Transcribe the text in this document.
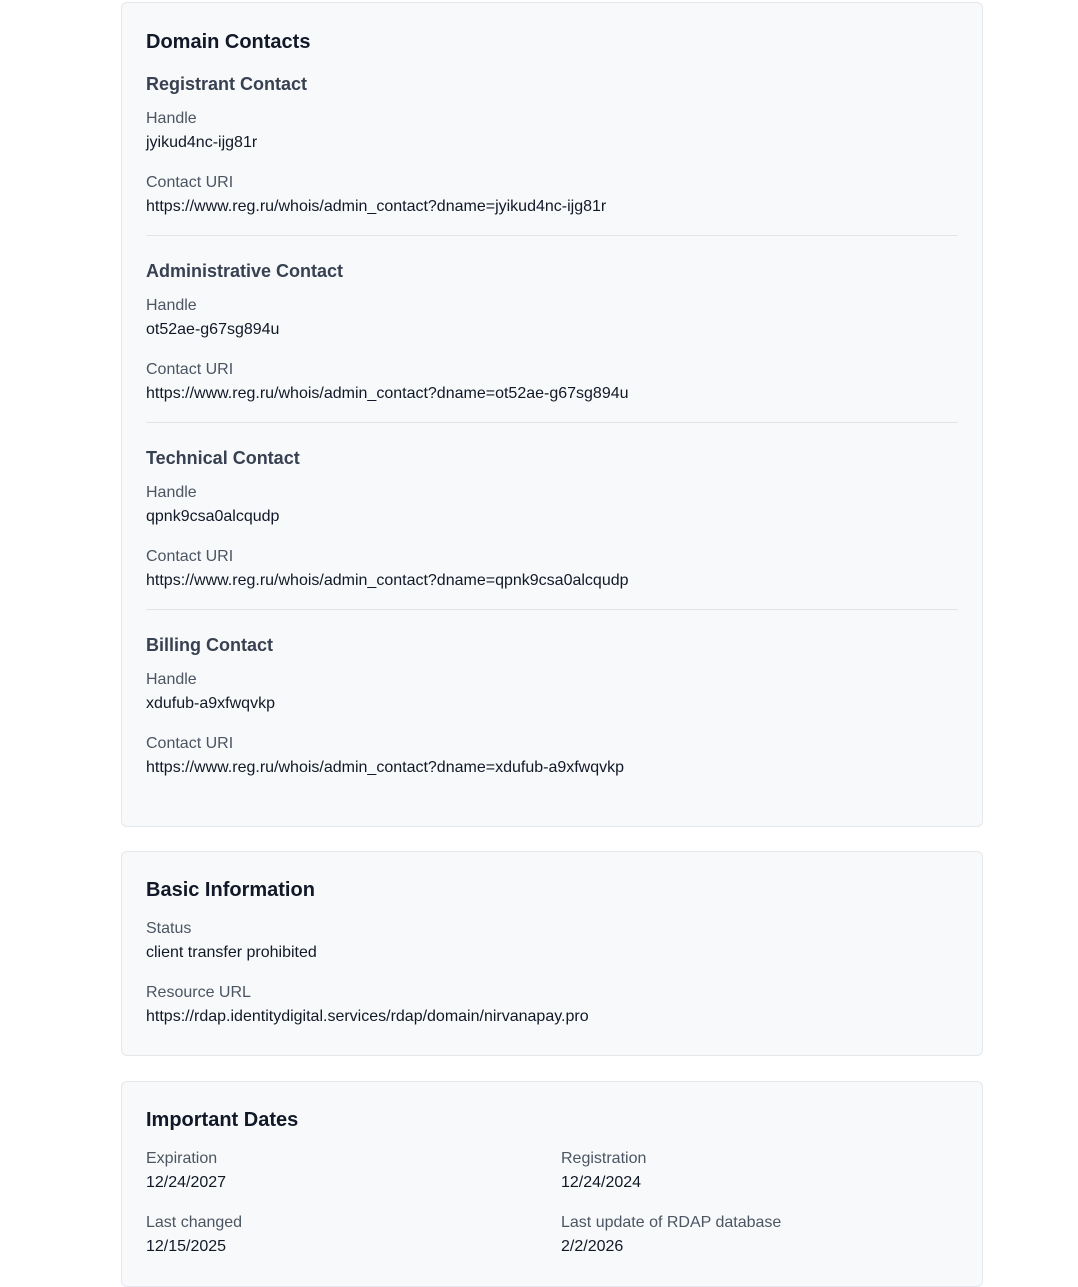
Domain Contacts
Registrant Contact
Handle
jyikud4nc-ijg81r
Contact URI
https://www.reg.ru/whois/admin_contact?dname=jyikud4nc-ijg81r
Administrative Contact
Handle
ot52ae-g67sg894u
Contact URI
https://www.reg.ru/whois/admin_contact?dname=ot52ae-g67sg894u
Technical Contact
Handle
qpnk9csa0alcqudp
Contact URI
https://www.reg.ru/whois/admin_contact?dname=qpnk9csa0alcqudp
Billing Contact
Handle
xdufub-a9xfwqvkp
Contact URI
https://www.reg.ru/whois/admin_contact?dname=xdufub-a9xfwqvkp
Basic Information
Status
client transfer prohibited
Resource URL
https://rdap.identitydigital.services/rdap/domain/nirvanapay.pro
Important Dates
Expiration
12/24/2027
Registration
12/24/2024
Last changed
12/15/2025
Last update of RDAP database
2/2/2026
